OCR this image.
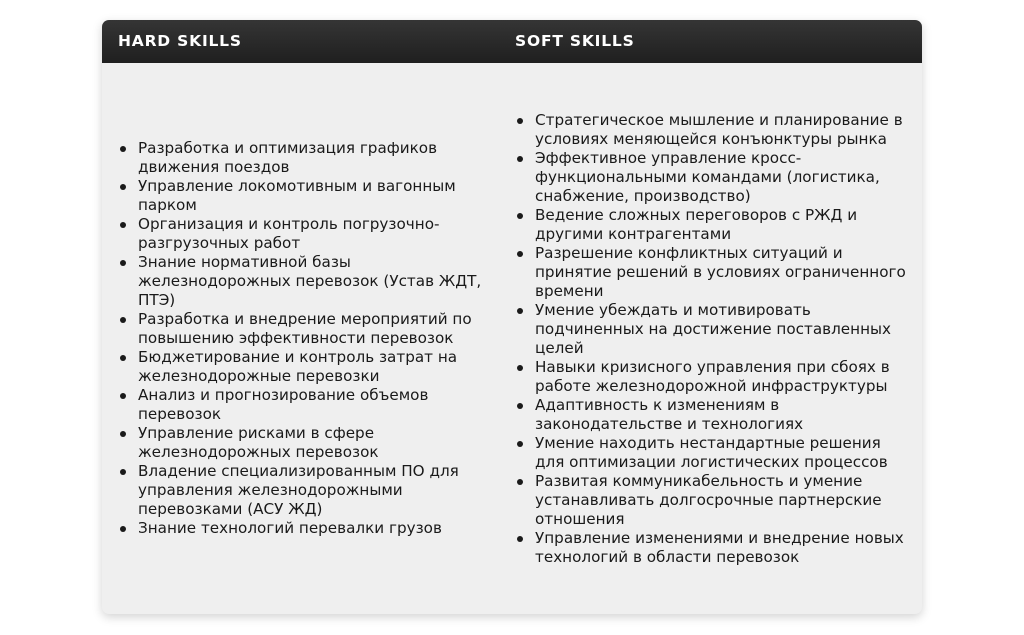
HARD SKILLS	SOFT SKILLS
Разработка и оптимизация графиков движения поездов
Управление локомотивным и вагонным парком
Организация и контроль погрузочно-разгрузочных работ
Знание нормативной базы железнодорожных перевозок (Устав ЖДТ, ПТЭ)
Разработка и внедрение мероприятий по повышению эффективности перевозок
Бюджетирование и контроль затрат на железнодорожные перевозки
Анализ и прогнозирование объемов перевозок
Управление рисками в сфере железнодорожных перевозок
Владение специализированным ПО для управления железнодорожными перевозками (АСУ ЖД)
Знание технологий перевалки грузов
Стратегическое мышление и планирование в условиях меняющейся конъюнктуры рынка
Эффективное управление кросс-функциональными командами (логистика, снабжение, производство)
Ведение сложных переговоров с РЖД и другими контрагентами
Разрешение конфликтных ситуаций и принятие решений в условиях ограниченного времени
Умение убеждать и мотивировать подчиненных на достижение поставленных целей
Навыки кризисного управления при сбоях в работе железнодорожной инфраструктуры
Адаптивность к изменениям в законодательстве и технологиях
Умение находить нестандартные решения для оптимизации логистических процессов
Развитая коммуникабельность и умение устанавливать долгосрочные партнерские отношения
Управление изменениями и внедрение новых технологий в области перевозок
